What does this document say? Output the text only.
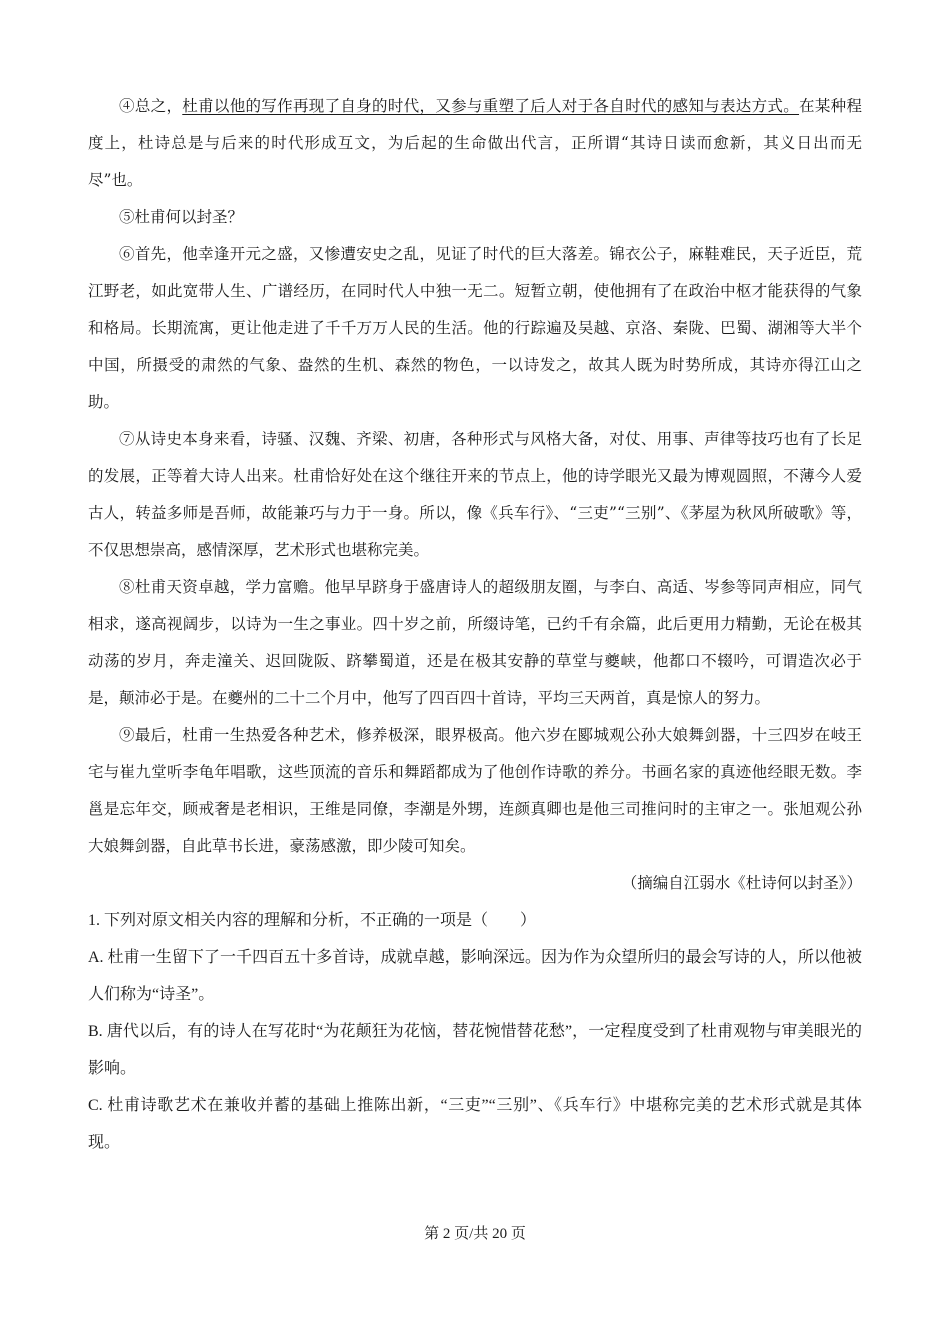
④总之，杜甫以他的写作再现了自身的时代，又参与重塑了后人对于各自时代的感知与表达方式。在某种程度上，杜诗总是与后来的时代形成互文，为后起的生命做出代言，正所谓“其诗日读而愈新，其义日出而无尽”也。

⑤杜甫何以封圣？

⑥首先，他幸逢开元之盛，又惨遭安史之乱，见证了时代的巨大落差。锦衣公子，麻鞋难民，天子近臣，荒江野老，如此宽带人生、广谱经历，在同时代人中独一无二。短暂立朝，使他拥有了在政治中枢才能获得的气象和格局。长期流寓，更让他走进了千千万万人民的生活。他的行踪遍及吴越、京洛、秦陇、巴蜀、湖湘等大半个中国，所摄受的肃然的气象、盎然的生机、森然的物色，一以诗发之，故其人既为时势所成，其诗亦得江山之助。

⑦从诗史本身来看，诗骚、汉魏、齐梁、初唐，各种形式与风格大备，对仗、用事、声律等技巧也有了长足的发展，正等着大诗人出来。杜甫恰好处在这个继往开来的节点上，他的诗学眼光又最为博观圆照，不薄今人爱古人，转益多师是吾师，故能兼巧与力于一身。所以，像《兵车行》、“三吏”“三别”、《茅屋为秋风所破歌》等，不仅思想崇高，感情深厚，艺术形式也堪称完美。

⑧杜甫天资卓越，学力富赡。他早早跻身于盛唐诗人的超级朋友圈，与李白、高适、岑参等同声相应，同气相求，遂高视阔步，以诗为一生之事业。四十岁之前，所缀诗笔，已约千有余篇，此后更用力精勤，无论在极其动荡的岁月，奔走潼关、迟回陇阪、跻攀蜀道，还是在极其安静的草堂与夔峡，他都口不辍吟，可谓造次必于是，颠沛必于是。在夔州的二十二个月中，他写了四百四十首诗，平均三天两首，真是惊人的努力。

⑨最后，杜甫一生热爱各种艺术，修养极深，眼界极高。他六岁在郾城观公孙大娘舞剑器，十三四岁在岐王宅与崔九堂听李龟年唱歌，这些顶流的音乐和舞蹈都成为了他创作诗歌的养分。书画名家的真迹他经眼无数。李邕是忘年交，顾戒奢是老相识，王维是同僚，李潮是外甥，连颜真卿也是他三司推问时的主审之一。张旭观公孙大娘舞剑器，自此草书长进，豪荡感激，即少陵可知矣。

（摘编自江弱水《杜诗何以封圣》）

1. 下列对原文相关内容的理解和分析，不正确的一项是（　　）

A. 杜甫一生留下了一千四百五十多首诗，成就卓越，影响深远。因为作为众望所归的最会写诗的人，所以他被人们称为“诗圣”。

B. 唐代以后，有的诗人在写花时“为花颠狂为花恼，替花惋惜替花愁”，一定程度受到了杜甫观物与审美眼光的影响。

C. 杜甫诗歌艺术在兼收并蓄的基础上推陈出新，“三吏”“三别”、《兵车行》中堪称完美的艺术形式就是其体现。

第 2 页/共 20 页
